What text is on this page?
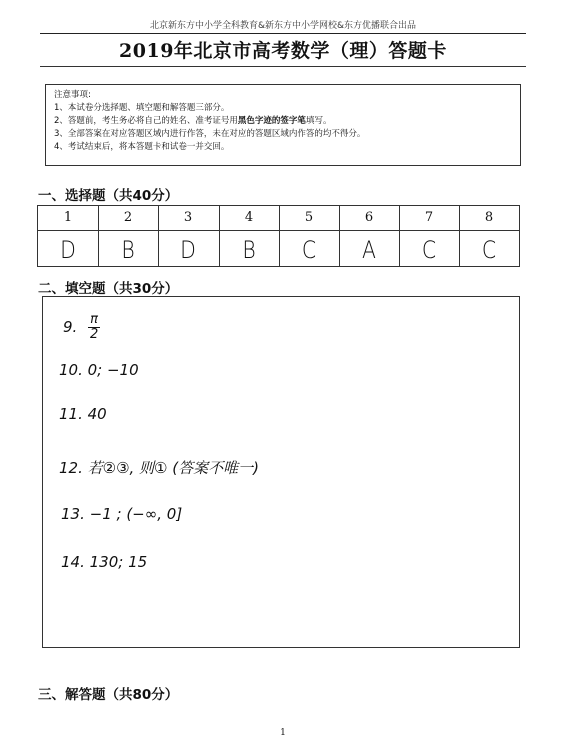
北京新东方中小学全科教育&新东方中小学网校&东方优播联合出品
2019年北京市高考数学（理）答题卡
注意事项:
1、本试卷分选择题、填空题和解答题三部分。
2、答题前，考生务必将自己的姓名、准考证号用黑色字迹的签字笔填写。
3、全部答案在对应答题区域内进行作答，未在对应的答题区域内作答的均不得分。
4、考试结束后，将本答题卡和试卷一并交回。
一、选择题（共40分）
1	2	3	4	5	6	7	8
D	B	D	B	C	A	C	C
二、填空题（共30分）
9. $\frac{\pi}{2}$
10. 0; −10
11. 40
12. 若②③, 则① (答案不唯一)
13. −1 ; (−∞, 0]
14. 130; 15
三、解答题（共80分）
1
